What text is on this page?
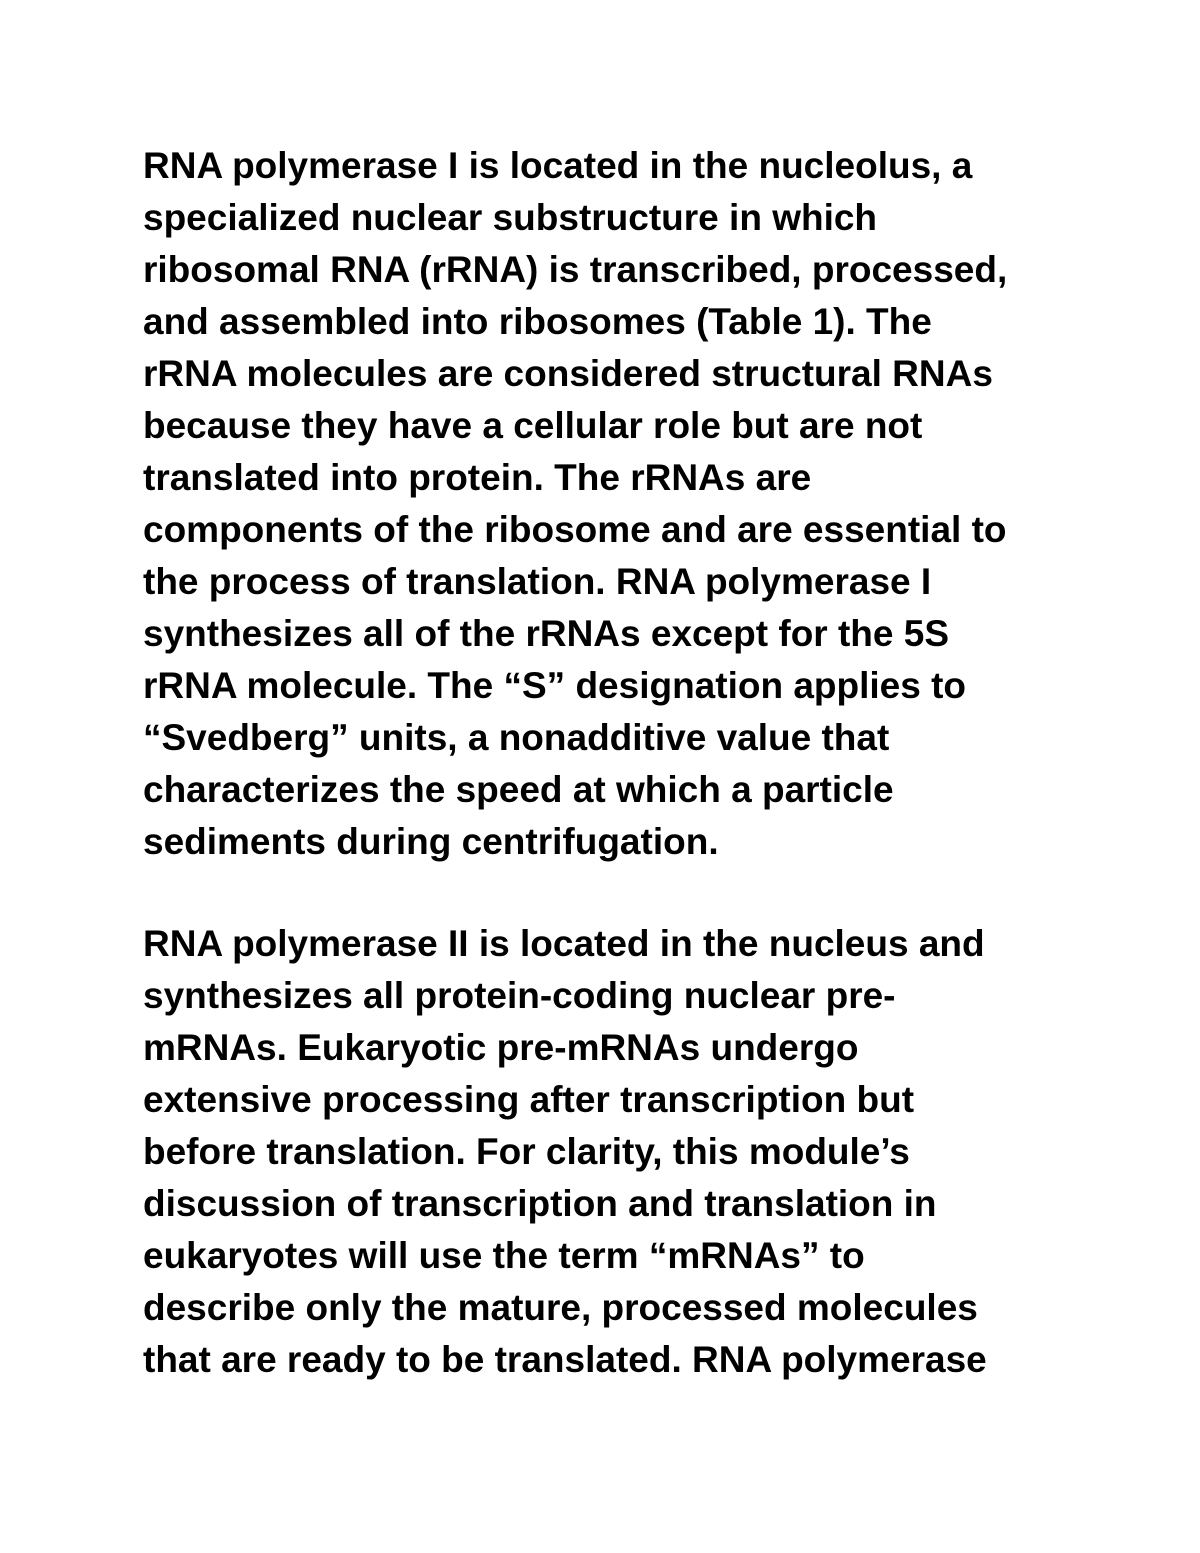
RNA polymerase I is located in the nucleolus, a
specialized nuclear substructure in which
ribosomal RNA (rRNA) is transcribed, processed,
and assembled into ribosomes (Table 1). The
rRNA molecules are considered structural RNAs
because they have a cellular role but are not
translated into protein. The rRNAs are
components of the ribosome and are essential to
the process of translation. RNA polymerase I
synthesizes all of the rRNAs except for the 5S
rRNA molecule. The “S” designation applies to
“Svedberg” units, a nonadditive value that
characterizes the speed at which a particle
sediments during centrifugation.
RNA polymerase II is located in the nucleus and
synthesizes all protein-coding nuclear pre-
mRNAs. Eukaryotic pre-mRNAs undergo
extensive processing after transcription but
before translation. For clarity, this module’s
discussion of transcription and translation in
eukaryotes will use the term “mRNAs” to
describe only the mature, processed molecules
that are ready to be translated. RNA polymerase
